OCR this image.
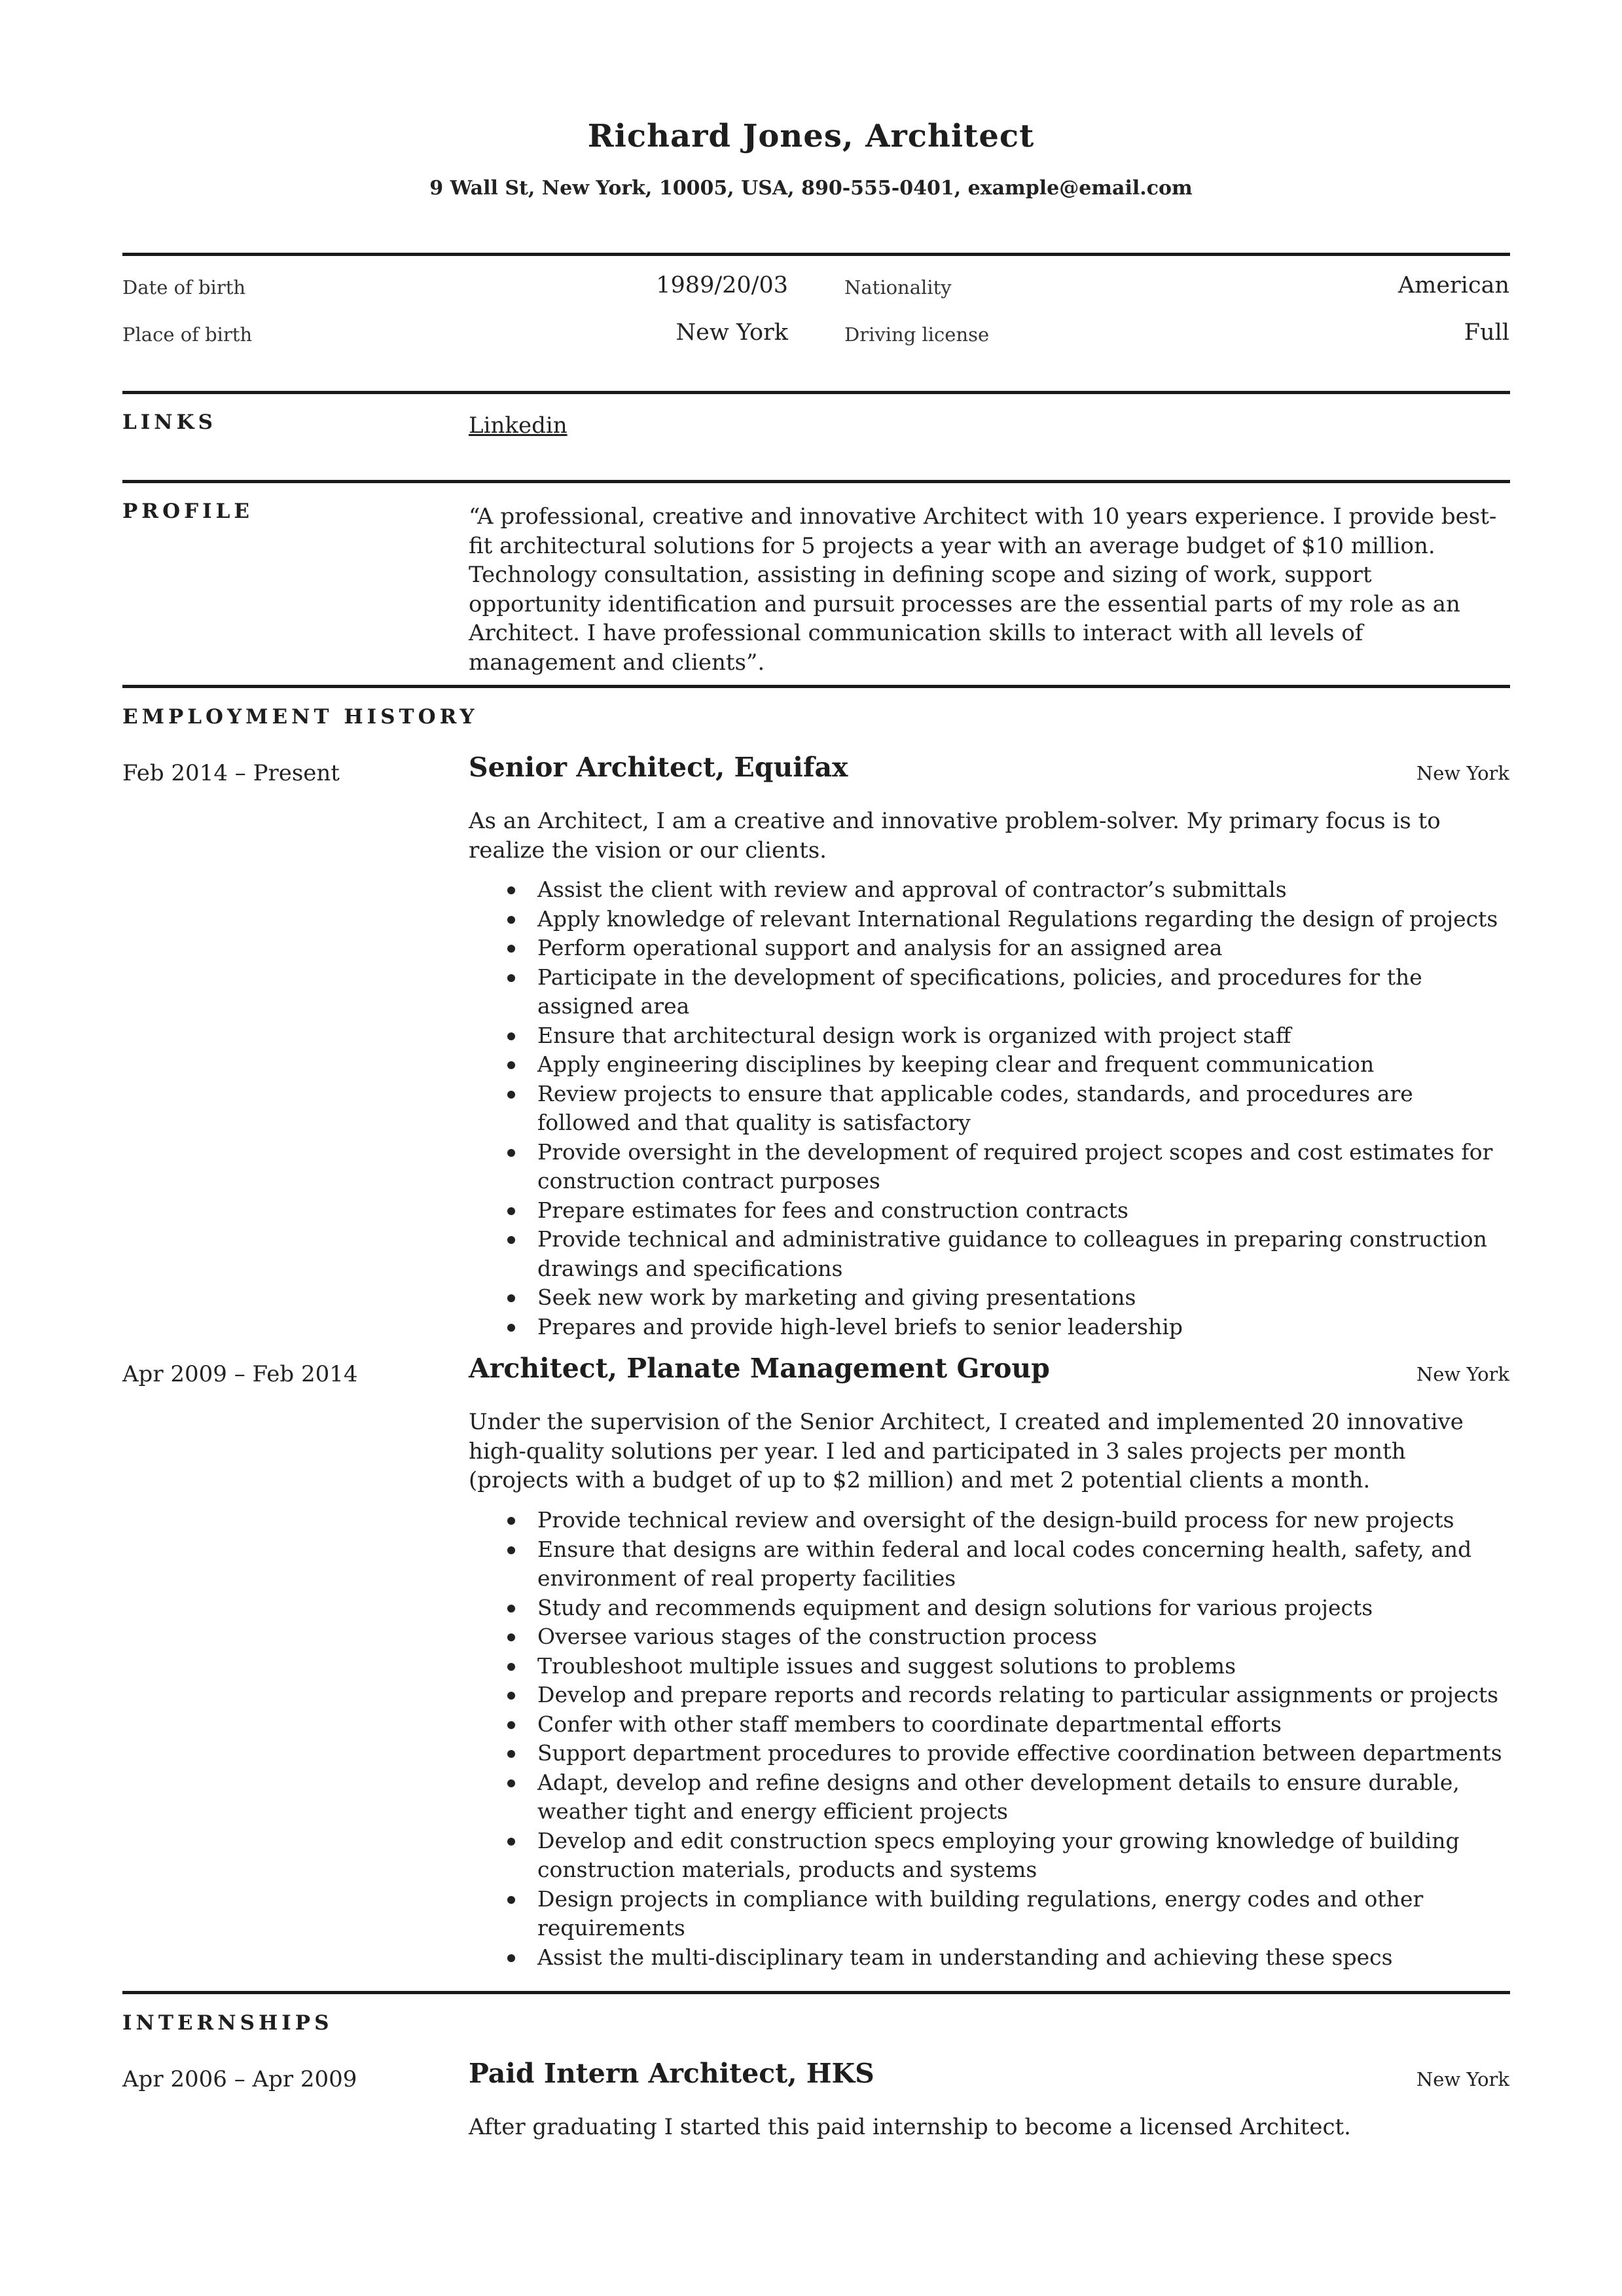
Richard Jones, Architect
9 Wall St, New York, 10005, USA, 890-555-0401, example@email.com
Date of birth	1989/20/03	Nationality	American
Place of birth	New York	Driving license	Full
LINKS	Linkedin
PROFILE	“A professional, creative and innovative Architect with 10 years experience. I provide best-fit architectural solutions for 5 projects a year with an average budget of $10 million. Technology consultation, assisting in defining scope and sizing of work, support opportunity identification and pursuit processes are the essential parts of my role as an Architect. I have professional communication skills to interact with all levels of management and clients”.
EMPLOYMENT HISTORY
Feb 2014 – Present	Senior Architect, Equifax	New York
As an Architect, I am a creative and innovative problem-solver. My primary focus is to realize the vision or our clients.
Assist the client with review and approval of contractor’s submittals
Apply knowledge of relevant International Regulations regarding the design of projects
Perform operational support and analysis for an assigned area
Participate in the development of specifications, policies, and procedures for the assigned area
Ensure that architectural design work is organized with project staff
Apply engineering disciplines by keeping clear and frequent communication
Review projects to ensure that applicable codes, standards, and procedures are followed and that quality is satisfactory
Provide oversight in the development of required project scopes and cost estimates for construction contract purposes
Prepare estimates for fees and construction contracts
Provide technical and administrative guidance to colleagues in preparing construction drawings and specifications
Seek new work by marketing and giving presentations
Prepares and provide high-level briefs to senior leadership
Apr 2009 – Feb 2014	Architect, Planate Management Group	New York
Under the supervision of the Senior Architect, I created and implemented 20 innovative high-quality solutions per year. I led and participated in 3 sales projects per month (projects with a budget of up to $2 million) and met 2 potential clients a month.
Provide technical review and oversight of the design-build process for new projects
Ensure that designs are within federal and local codes concerning health, safety, and environment of real property facilities
Study and recommends equipment and design solutions for various projects
Oversee various stages of the construction process
Troubleshoot multiple issues and suggest solutions to problems
Develop and prepare reports and records relating to particular assignments or projects
Confer with other staff members to coordinate departmental efforts
Support department procedures to provide effective coordination between departments
Adapt, develop and refine designs and other development details to ensure durable, weather tight and energy efficient projects
Develop and edit construction specs employing your growing knowledge of building construction materials, products and systems
Design projects in compliance with building regulations, energy codes and other requirements
Assist the multi-disciplinary team in understanding and achieving these specs
INTERNSHIPS
Apr 2006 – Apr 2009	Paid Intern Architect, HKS	New York
After graduating I started this paid internship to become a licensed Architect.
